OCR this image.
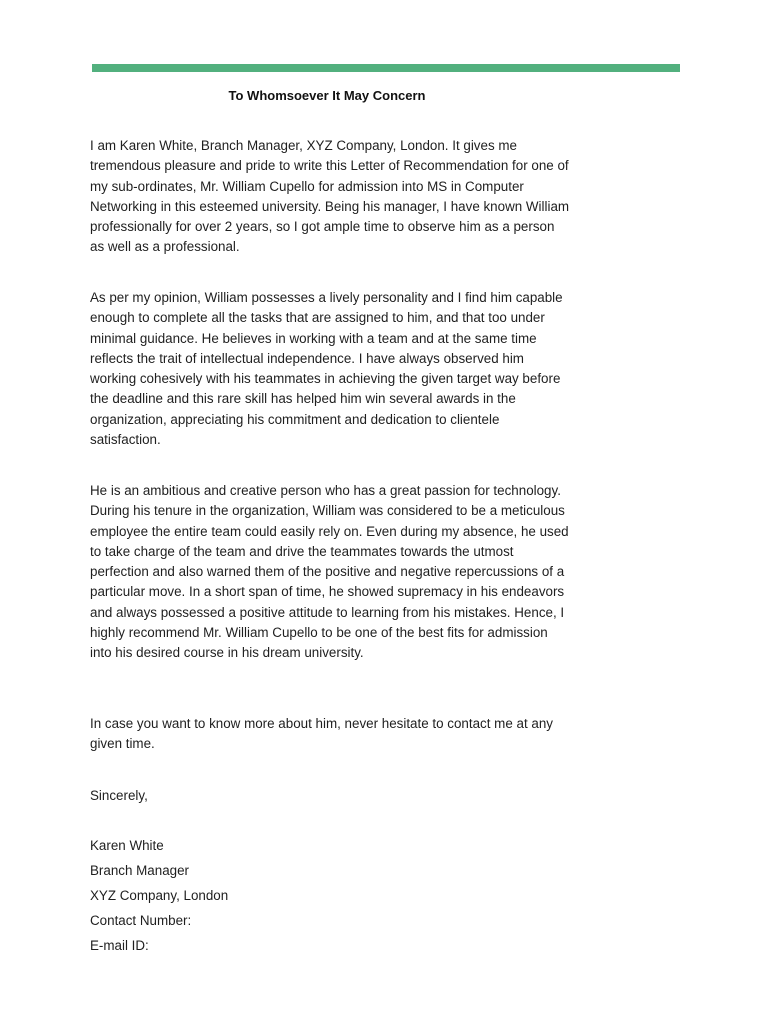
To Whomsoever It May Concern
I am Karen White, Branch Manager, XYZ Company, London. It gives me tremendous pleasure and pride to write this Letter of Recommendation for one of my sub-ordinates, Mr. William Cupello for admission into MS in Computer Networking in this esteemed university. Being his manager, I have known William professionally for over 2 years, so I got ample time to observe him as a person as well as a professional.
As per my opinion, William possesses a lively personality and I find him capable enough to complete all the tasks that are assigned to him, and that too under minimal guidance. He believes in working with a team and at the same time reflects the trait of intellectual independence. I have always observed him working cohesively with his teammates in achieving the given target way before the deadline and this rare skill has helped him win several awards in the organization, appreciating his commitment and dedication to clientele satisfaction.
He is an ambitious and creative person who has a great passion for technology. During his tenure in the organization, William was considered to be a meticulous employee the entire team could easily rely on. Even during my absence, he used to take charge of the team and drive the teammates towards the utmost perfection and also warned them of the positive and negative repercussions of a particular move. In a short span of time, he showed supremacy in his endeavors and always possessed a positive attitude to learning from his mistakes. Hence, I highly recommend Mr. William Cupello to be one of the best fits for admission into his desired course in his dream university.
In case you want to know more about him, never hesitate to contact me at any given time.
Sincerely,
Karen White
Branch Manager
XYZ Company, London
Contact Number:
E-mail ID:
